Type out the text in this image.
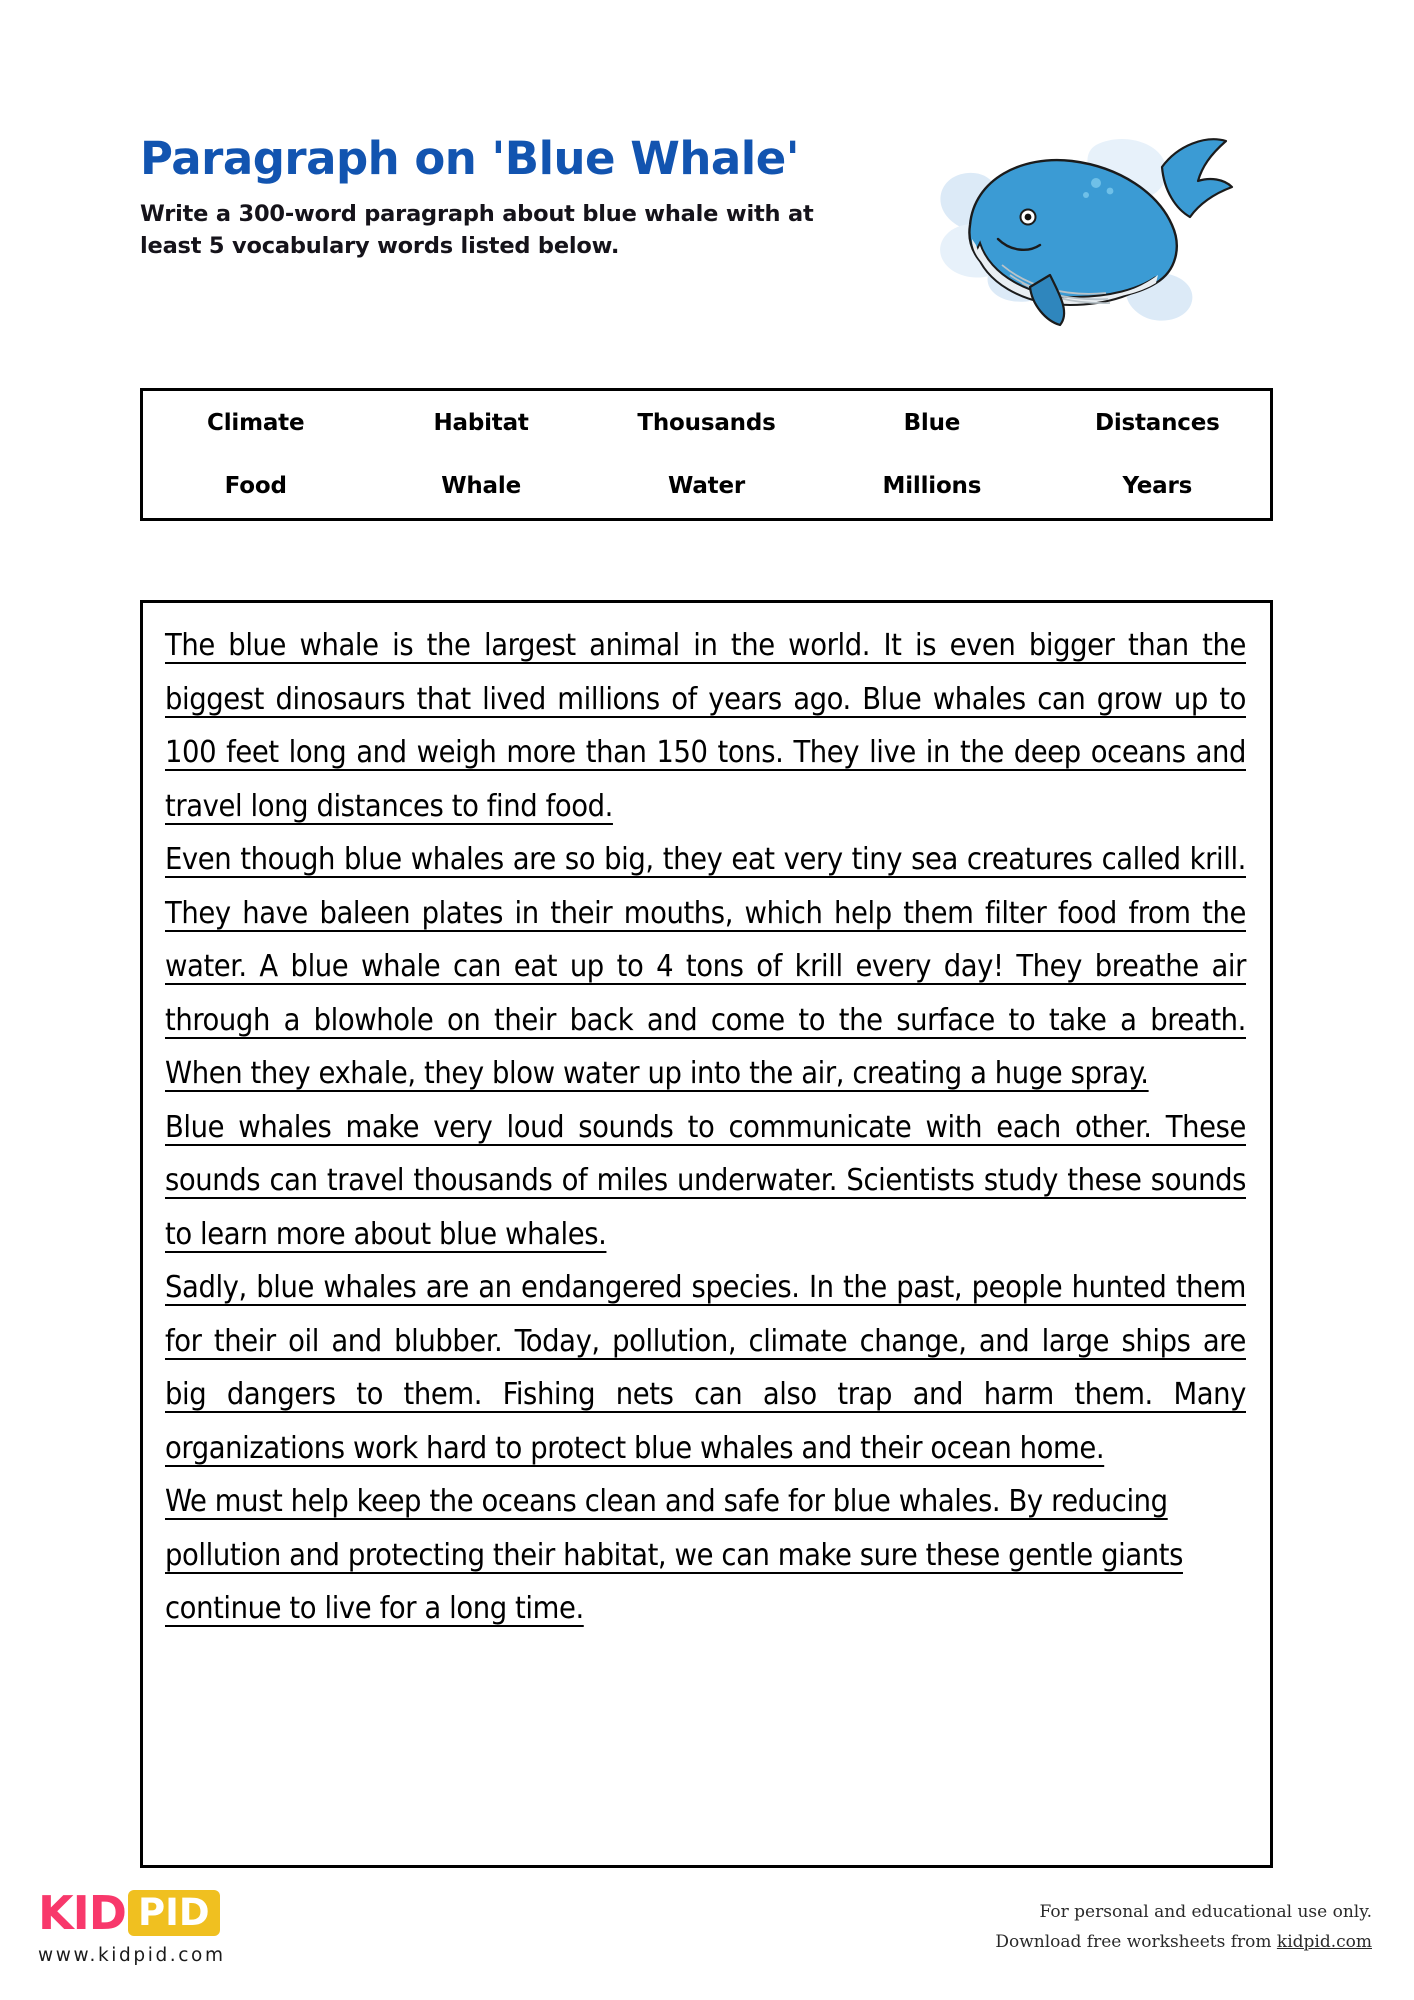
Paragraph on 'Blue Whale'

Write a 300-word paragraph about blue whale with at least 5 vocabulary words listed below.

Climate	Habitat	Thousands	Blue	Distances
Food	Whale	Water	Millions	Years

The blue whale is the largest animal in the world. It is even bigger than the biggest dinosaurs that lived millions of years ago. Blue whales can grow up to 100 feet long and weigh more than 150 tons. They live in the deep oceans and travel long distances to find food.

Even though blue whales are so big, they eat very tiny sea creatures called krill. They have baleen plates in their mouths, which help them filter food from the water. A blue whale can eat up to 4 tons of krill every day! They breathe air through a blowhole on their back and come to the surface to take a breath. When they exhale, they blow water up into the air, creating a huge spray.

Blue whales make very loud sounds to communicate with each other. These sounds can travel thousands of miles underwater. Scientists study these sounds to learn more about blue whales.

Sadly, blue whales are an endangered species. In the past, people hunted them for their oil and blubber. Today, pollution, climate change, and large ships are big dangers to them. Fishing nets can also trap and harm them. Many organizations work hard to protect blue whales and their ocean home.

We must help keep the oceans clean and safe for blue whales. By reducing pollution and protecting their habitat, we can make sure these gentle giants continue to live for a long time.

KID PID
www.kidpid.com
For personal and educational use only.
Download free worksheets from kidpid.com
